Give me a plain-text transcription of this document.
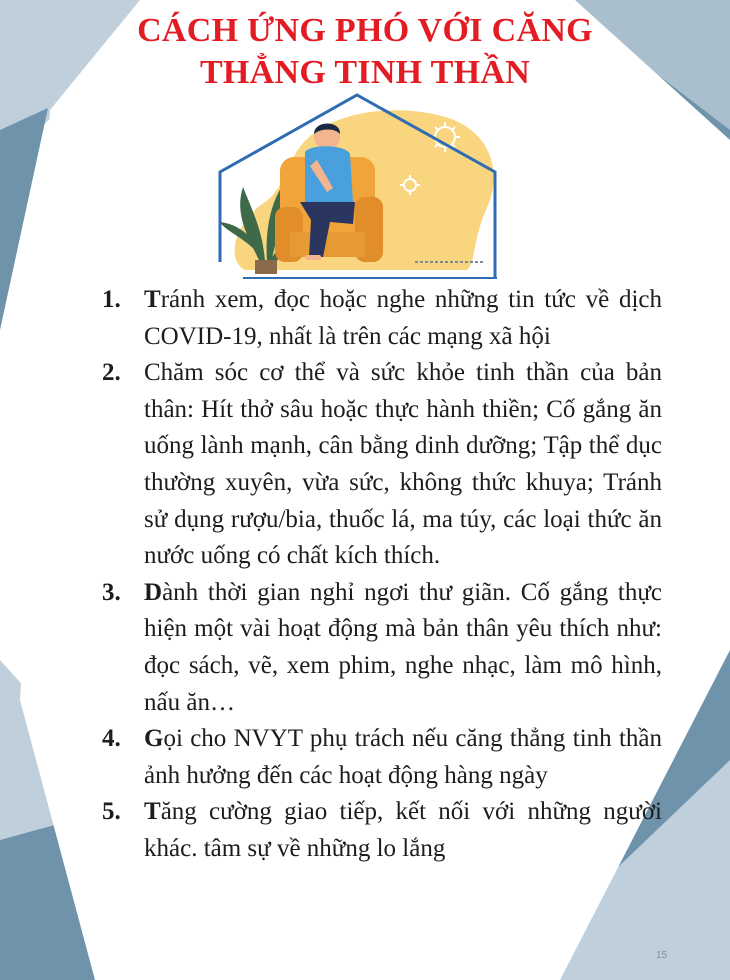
CÁCH ỨNG PHÓ VỚI CĂNG
THẲNG TINH THẦN
1. Tránh xem, đọc hoặc nghe những tin tức về dịch COVID-19, nhất là trên các mạng xã hội
2. Chăm sóc cơ thể và sức khỏe tinh thần của bản thân: Hít thở sâu hoặc thực hành thiền; Cố gắng ăn uống lành mạnh, cân bằng dinh dưỡng; Tập thể dục thường xuyên, vừa sức, không thức khuya; Tránh sử dụng rượu/bia, thuốc lá, ma túy, các loại thức ăn nước uống có chất kích thích.
3. Dành thời gian nghỉ ngơi thư giãn. Cố gắng thực hiện một vài hoạt động mà bản thân yêu thích như: đọc sách, vẽ, xem phim, nghe nhạc, làm mô hình, nấu ăn…
4. Gọi cho NVYT phụ trách nếu căng thẳng tinh thần ảnh hưởng đến các hoạt động hàng ngày
5. Tăng cường giao tiếp, kết nối với những người khác. tâm sự về những lo lắng
15
